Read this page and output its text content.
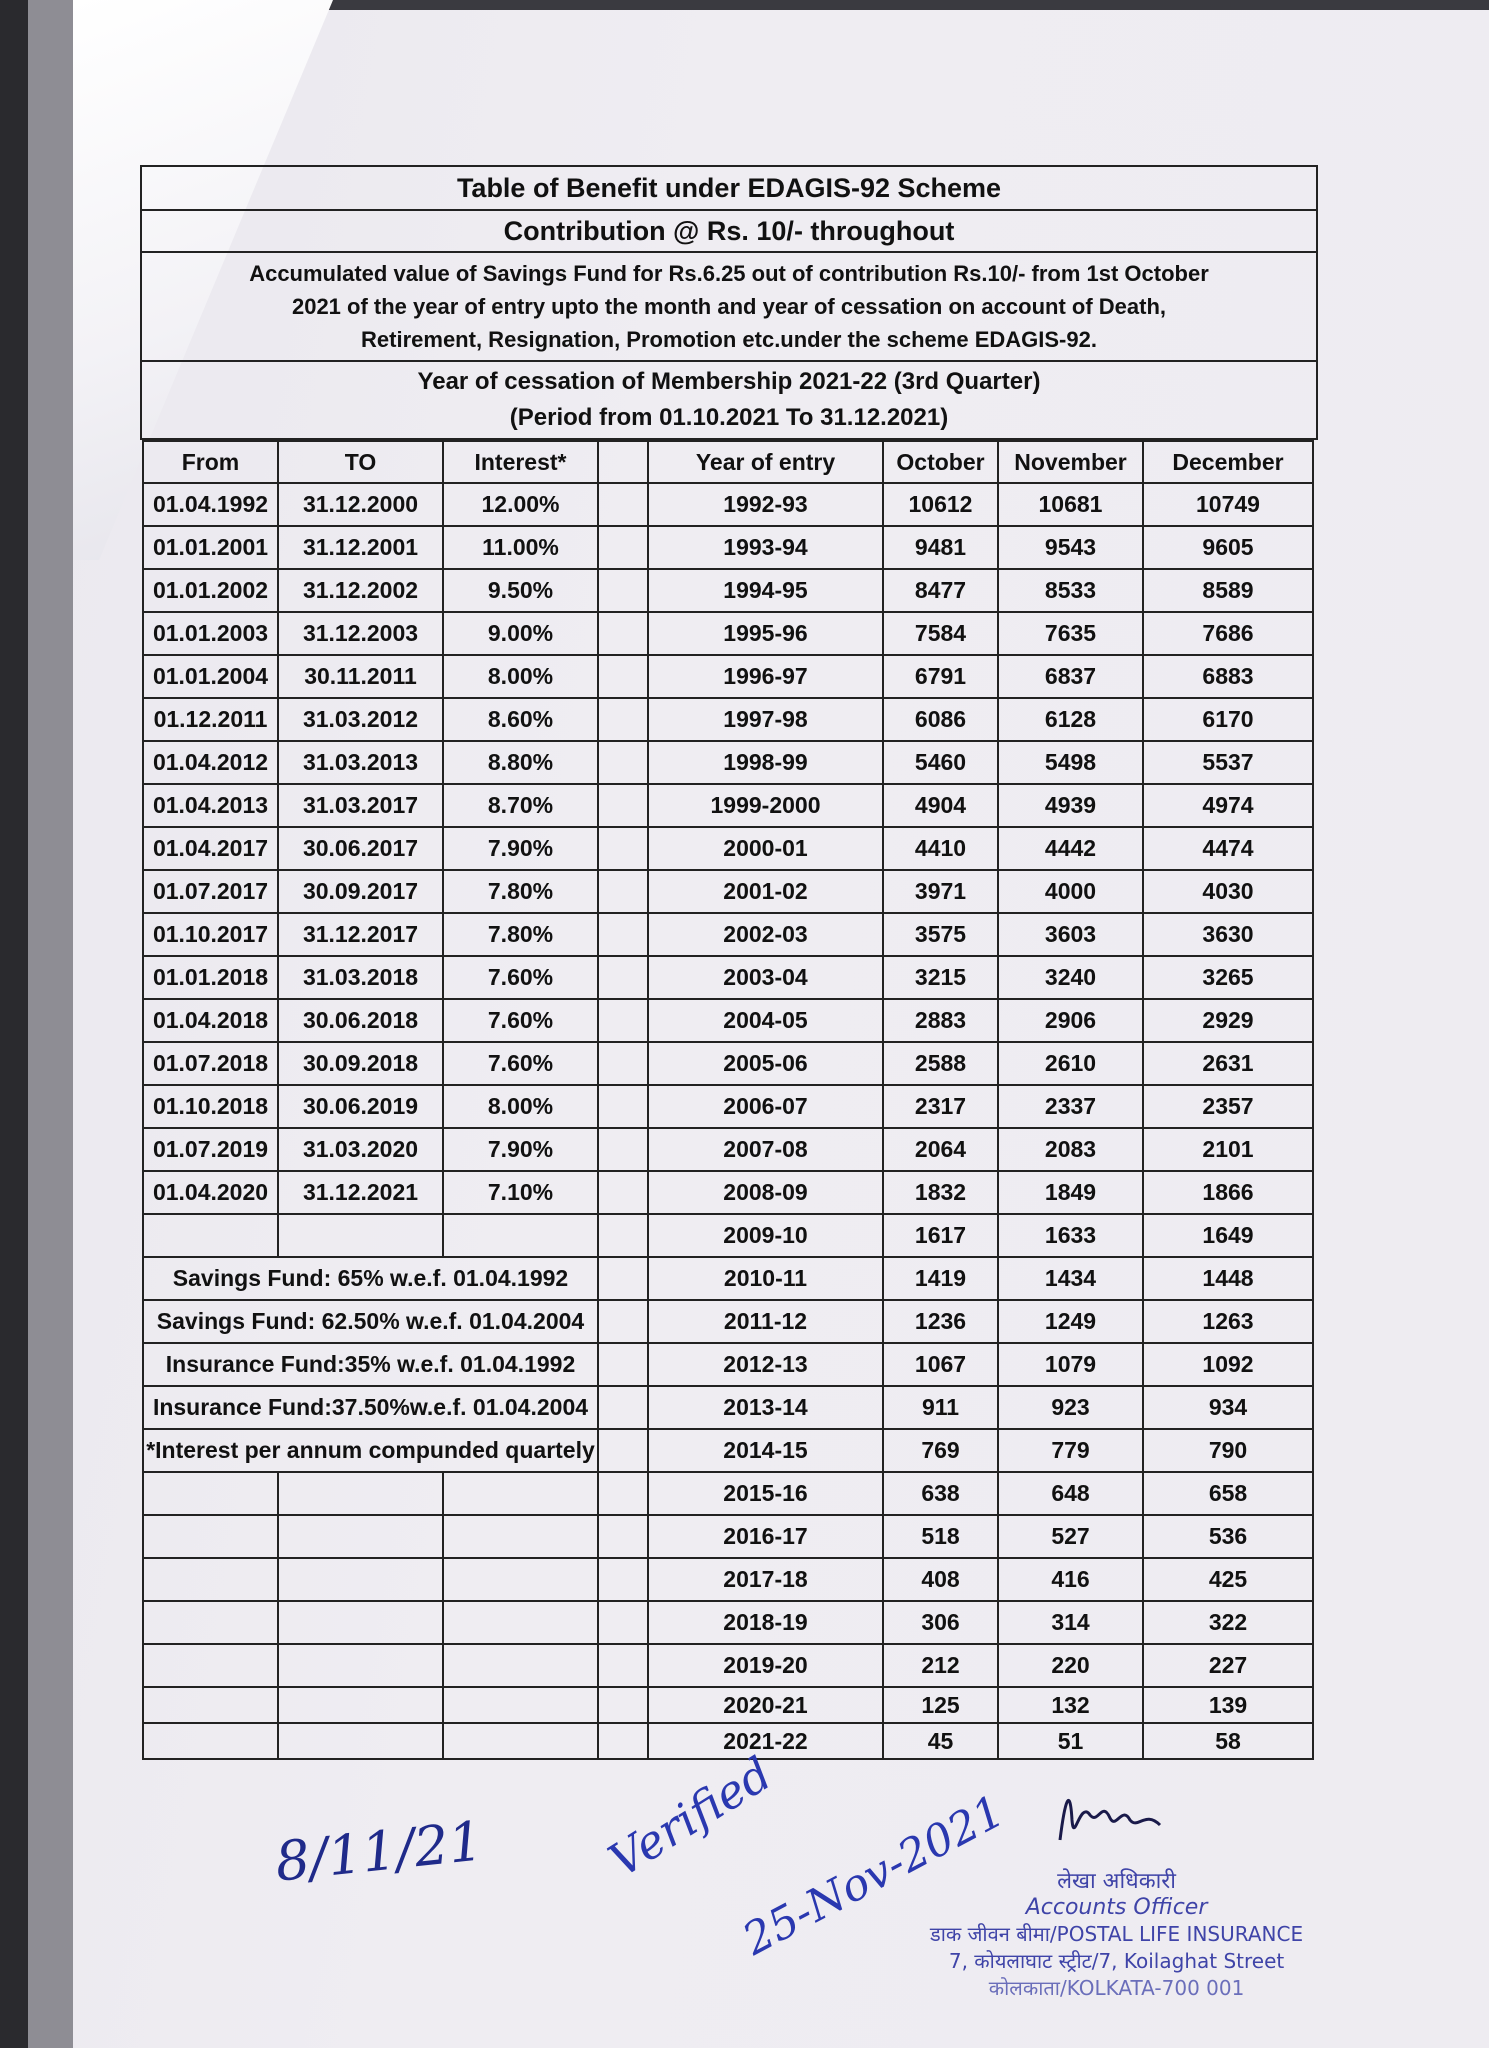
Table of Benefit under EDAGIS-92 Scheme
Contribution @ Rs. 10/- throughout
Accumulated value of Savings Fund for Rs.6.25 out of contribution Rs.10/- from 1st October
2021 of the year of entry upto the month and year of cessation on account of Death,
Retirement, Resignation, Promotion etc.under the scheme EDAGIS-92.
Year of cessation of Membership 2021-22 (3rd Quarter)
(Period from 01.10.2021 To 31.12.2021)
From	TO	Interest*		Year of entry	October	November	December
01.04.1992	31.12.2000	12.00%		1992-93	10612	10681	10749
01.01.2001	31.12.2001	11.00%		1993-94	9481	9543	9605
01.01.2002	31.12.2002	9.50%		1994-95	8477	8533	8589
01.01.2003	31.12.2003	9.00%		1995-96	7584	7635	7686
01.01.2004	30.11.2011	8.00%		1996-97	6791	6837	6883
01.12.2011	31.03.2012	8.60%		1997-98	6086	6128	6170
01.04.2012	31.03.2013	8.80%		1998-99	5460	5498	5537
01.04.2013	31.03.2017	8.70%		1999-2000	4904	4939	4974
01.04.2017	30.06.2017	7.90%		2000-01	4410	4442	4474
01.07.2017	30.09.2017	7.80%		2001-02	3971	4000	4030
01.10.2017	31.12.2017	7.80%		2002-03	3575	3603	3630
01.01.2018	31.03.2018	7.60%		2003-04	3215	3240	3265
01.04.2018	30.06.2018	7.60%		2004-05	2883	2906	2929
01.07.2018	30.09.2018	7.60%		2005-06	2588	2610	2631
01.10.2018	30.06.2019	8.00%		2006-07	2317	2337	2357
01.07.2019	31.03.2020	7.90%		2007-08	2064	2083	2101
01.04.2020	31.12.2021	7.10%		2008-09	1832	1849	1866
				2009-10	1617	1633	1649
Savings Fund: 65% w.e.f. 01.04.1992				2010-11	1419	1434	1448
Savings Fund: 62.50% w.e.f. 01.04.2004				2011-12	1236	1249	1263
Insurance Fund:35% w.e.f. 01.04.1992				2012-13	1067	1079	1092
Insurance Fund:37.50%w.e.f. 01.04.2004				2013-14	911	923	934
*Interest per annum compunded quartely				2014-15	769	779	790
				2015-16	638	648	658
				2016-17	518	527	536
				2017-18	408	416	425
				2018-19	306	314	322
				2019-20	212	220	227
				2020-21	125	132	139
				2021-22	45	51	58
8/11/21 Verified
25-Nov-2021	लेखा अधिकारी
Accounts Officer
डाक जीवन बीमा/POSTAL LIFE INSURANCE
7, कोयलाघाट स्ट्रीट/7, Koilaghat Street
कोलकाता/KOLKATA-700 001
